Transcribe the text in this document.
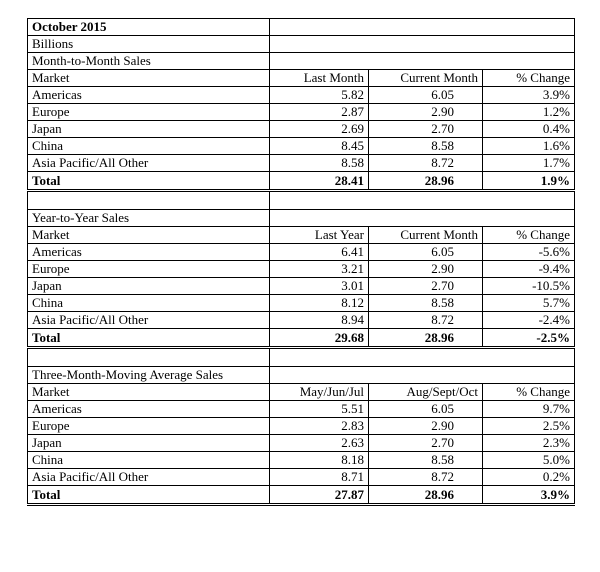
October 2015			
Billions			
Month-to-Month Sales			
Market	Last Month	Current Month	% Change
Americas	5.82	6.05	3.9%
Europe	2.87	2.90	1.2%
Japan	2.69	2.70	0.4%
China	8.45	8.58	1.6%
Asia Pacific/All Other	8.58	8.72	1.7%
Total	28.41	28.96	1.9%

Year-to-Year Sales			
Market	Last Year	Current Month	% Change
Americas	6.41	6.05	-5.6%
Europe	3.21	2.90	-9.4%
Japan	3.01	2.70	-10.5%
China	8.12	8.58	5.7%
Asia Pacific/All Other	8.94	8.72	-2.4%
Total	29.68	28.96	-2.5%

Three-Month-Moving Average Sales			
Market	May/Jun/Jul	Aug/Sept/Oct	% Change
Americas	5.51	6.05	9.7%
Europe	2.83	2.90	2.5%
Japan	2.63	2.70	2.3%
China	8.18	8.58	5.0%
Asia Pacific/All Other	8.71	8.72	0.2%
Total	27.87	28.96	3.9%
